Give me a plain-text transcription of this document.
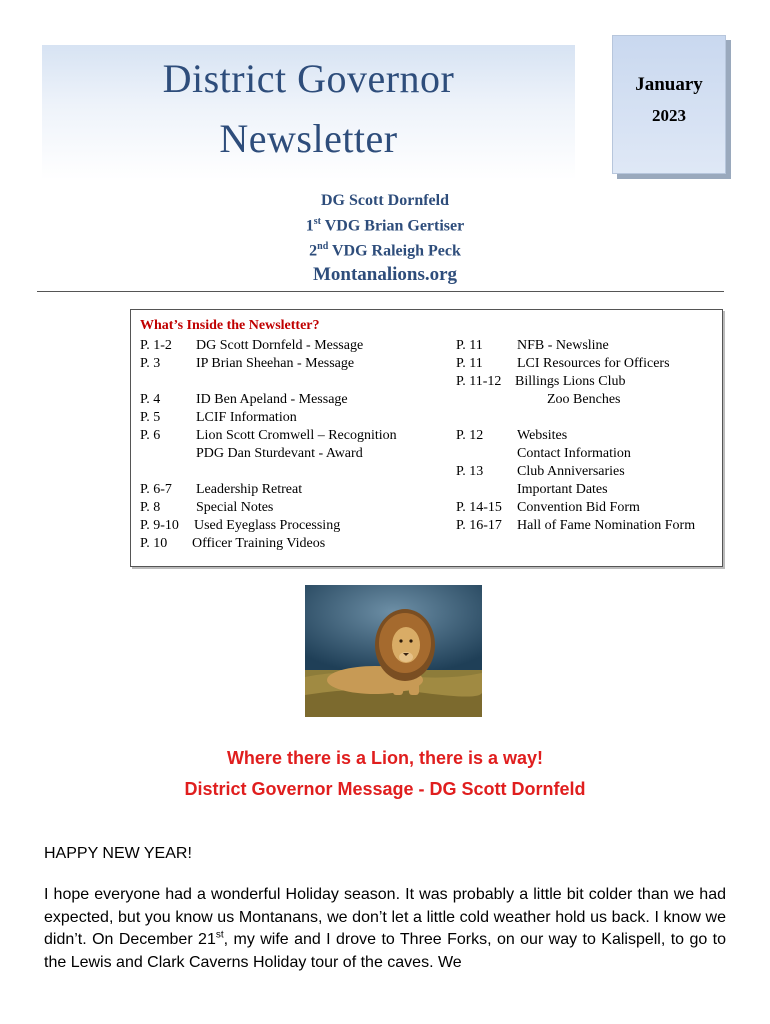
District Governor
Newsletter
January
2023
DG Scott Dornfeld
1st VDG Brian Gertiser
2nd VDG Raleigh Peck
Montanalions.org
What’s Inside the Newsletter?
P. 1-2 DG Scott Dornfeld - Message
P. 3	IP Brian Sheehan - Message
P. 4	ID Ben Apeland - Message
P. 5	LCIF Information
P. 6	Lion Scott Cromwell – Recognition
PDG Dan Sturdevant - Award
P. 6-7 Leadership Retreat
P. 8	Special Notes
P. 9-10 Used Eyeglass Processing
P. 10 Officer Training Videos
P. 11 NFB - Newsline
P. 11 LCI Resources for Officers
P. 11-12 Billings Lions Club
Zoo Benches
P. 12 Websites
Contact Information
P. 13 Club Anniversaries
Important Dates
P. 14-15 Convention Bid Form
P. 16-17 Hall of Fame Nomination Form
Where there is a Lion, there is a way!
District Governor Message - DG Scott Dornfeld
HAPPY NEW YEAR!
I hope everyone had a wonderful Holiday season. It was probably a little bit colder than we had expected, but you know us Montanans, we don’t let a little cold weather hold us back. I know we didn’t. On December 21st, my wife and I drove to Three Forks, on our way to Kalispell, to go to the Lewis and Clark Caverns Holiday tour of the caves. We
